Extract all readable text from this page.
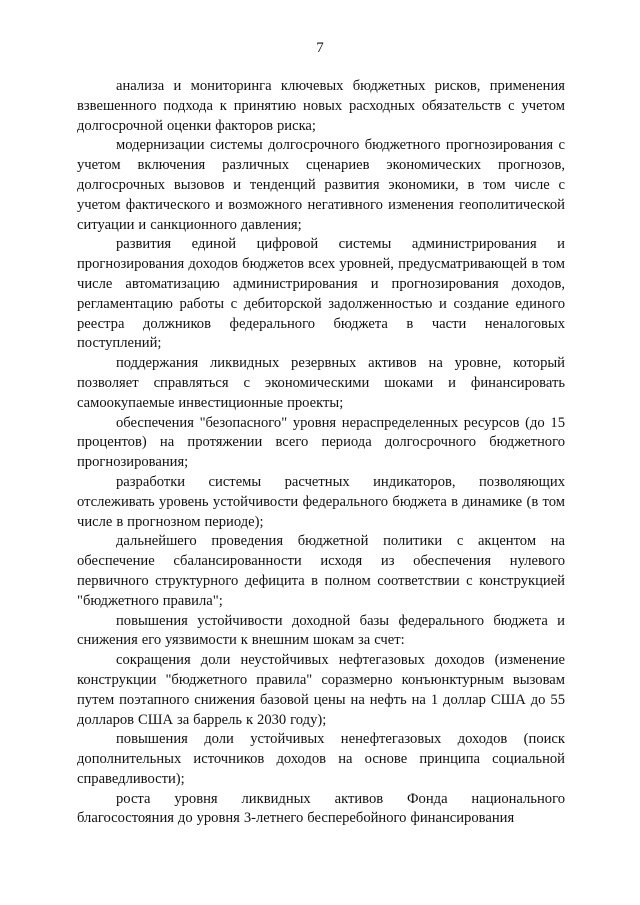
7

анализа и мониторинга ключевых бюджетных рисков, применения взвешенного подхода к принятию новых расходных обязательств с учетом долгосрочной оценки факторов риска;

модернизации системы долгосрочного бюджетного прогнозирования с учетом включения различных сценариев экономических прогнозов, долгосрочных вызовов и тенденций развития экономики, в том числе с учетом фактического и возможного негативного изменения геополитической ситуации и санкционного давления;

развития единой цифровой системы администрирования и прогнозирования доходов бюджетов всех уровней, предусматривающей в том числе автоматизацию администрирования и прогнозирования доходов, регламентацию работы с дебиторской задолженностью и создание единого реестра должников федерального бюджета в части неналоговых поступлений;

поддержания ликвидных резервных активов на уровне, который позволяет справляться с экономическими шоками и финансировать самоокупаемые инвестиционные проекты;

обеспечения "безопасного" уровня нераспределенных ресурсов (до 15 процентов) на протяжении всего периода долгосрочного бюджетного прогнозирования;

разработки системы расчетных индикаторов, позволяющих отслеживать уровень устойчивости федерального бюджета в динамике (в том числе в прогнозном периоде);

дальнейшего проведения бюджетной политики с акцентом на обеспечение сбалансированности исходя из обеспечения нулевого первичного структурного дефицита в полном соответствии с конструкцией "бюджетного правила";

повышения устойчивости доходной базы федерального бюджета и снижения его уязвимости к внешним шокам за счет:

сокращения доли неустойчивых нефтегазовых доходов (изменение конструкции "бюджетного правила" соразмерно конъюнктурным вызовам путем поэтапного снижения базовой цены на нефть на 1 доллар США до 55 долларов США за баррель к 2030 году);

повышения доли устойчивых ненефтегазовых доходов (поиск дополнительных источников доходов на основе принципа социальной справедливости);

роста уровня ликвидных активов Фонда национального благосостояния до уровня 3-летнего бесперебойного финансирования
